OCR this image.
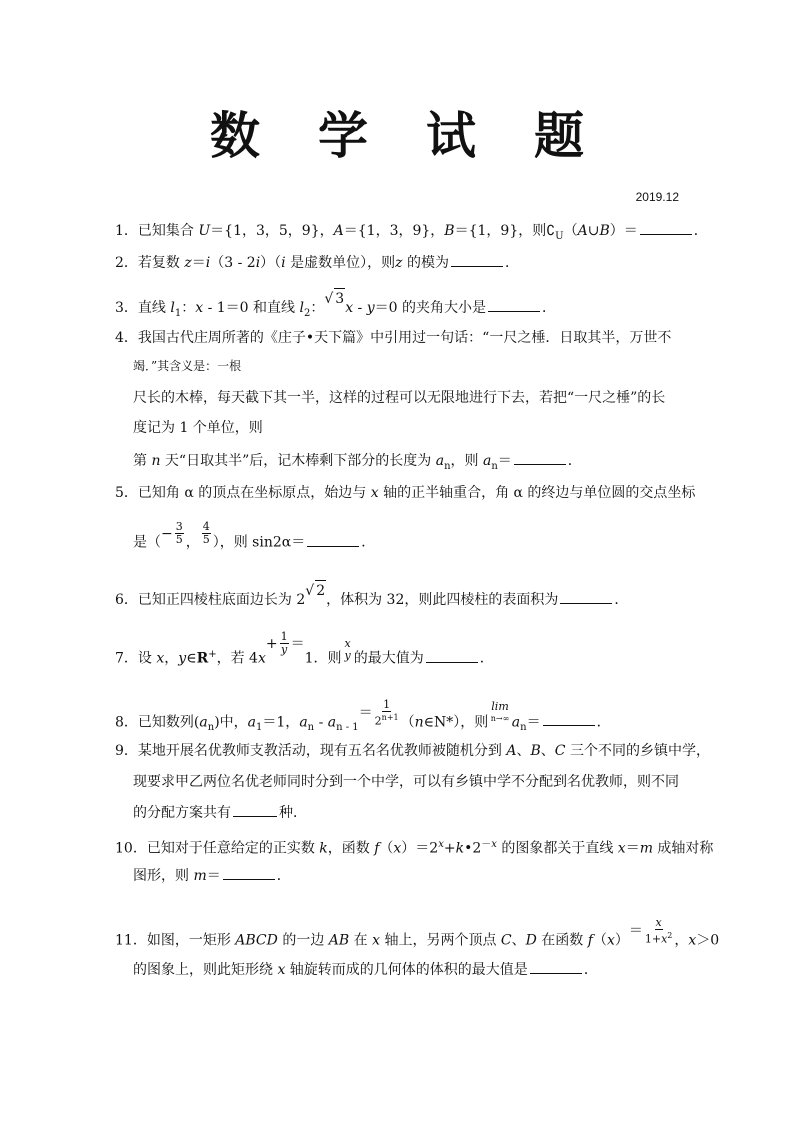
数 学 试 题
2019.12
1．已知集合 U＝{1，3，5，9}，A＝{1，3，9}，B＝{1，9}，则$∁_U(A\cup B)=$	．
2．若复数 z＝i（3 - 2i）（i 是虚数单位），则z 的模为	．
3．直线 $l_1$：x - 1＝0 和直线 $l_2$：√ 3x - y＝0 的夹角大小是	．
4．我国古代庄周所著的《庄子•天下篇》中引用过一句话：“一尺之棰．日取其半，万世不
竭．”其含义是：一根
尺长的木棒，每天截下其一半，这样的过程可以无限地进行下去，若把“一尺之棰”的长
度记为 1 个单位，则
第 n 天“日取其半”后，记木棒剩下部分的长度为 $a_n$，则 $a_n=$	．
5．已知角 α 的顶点在坐标原点，始边与 x 轴的正半轴重合，角 α 的终边与单位圆的交点坐标
是（− $\frac{3}{5}$ ， $\frac{4}{5}$ ），则 sin2α＝	．
6．已知正四棱柱底面边长为 2√ 2，体积为 32，则此四棱柱的表面积为	．
7．设 x，y∈R+，若 $4x+ \frac{1}{y} =1$．则
x
y 的最大值为	．
8．已知数列$(a_n)$中，$a_1=1$，$a_n - a_{n - 1}= \frac{1}{2^{n+1}}$ （n∈N*），则
lim
n→∞ $a_n=$	．
9．某地开展名优教师支教活动，现有五名名优教师被随机分到 A、B、C 三个不同的乡镇中学，
现要求甲乙两位名优老师同时分到一个中学，可以有乡镇中学不分配到名优教师，则不同
的分配方案共有	种．
10．已知对于任意给定的正实数 k，函数 $f(x)=2^x+k•2^{-x}$ 的图象都关于直线 x＝m 成轴对称
图形，则 m＝	．
11．如图，一矩形 ABCD 的一边 AB 在 x 轴上，另两个顶点 C、D 在函数 $f(x)= \frac{x}{1+x^2}$ ，x＞0
的图象上，则此矩形绕 x 轴旋转而成的几何体的体积的最大值是	．
